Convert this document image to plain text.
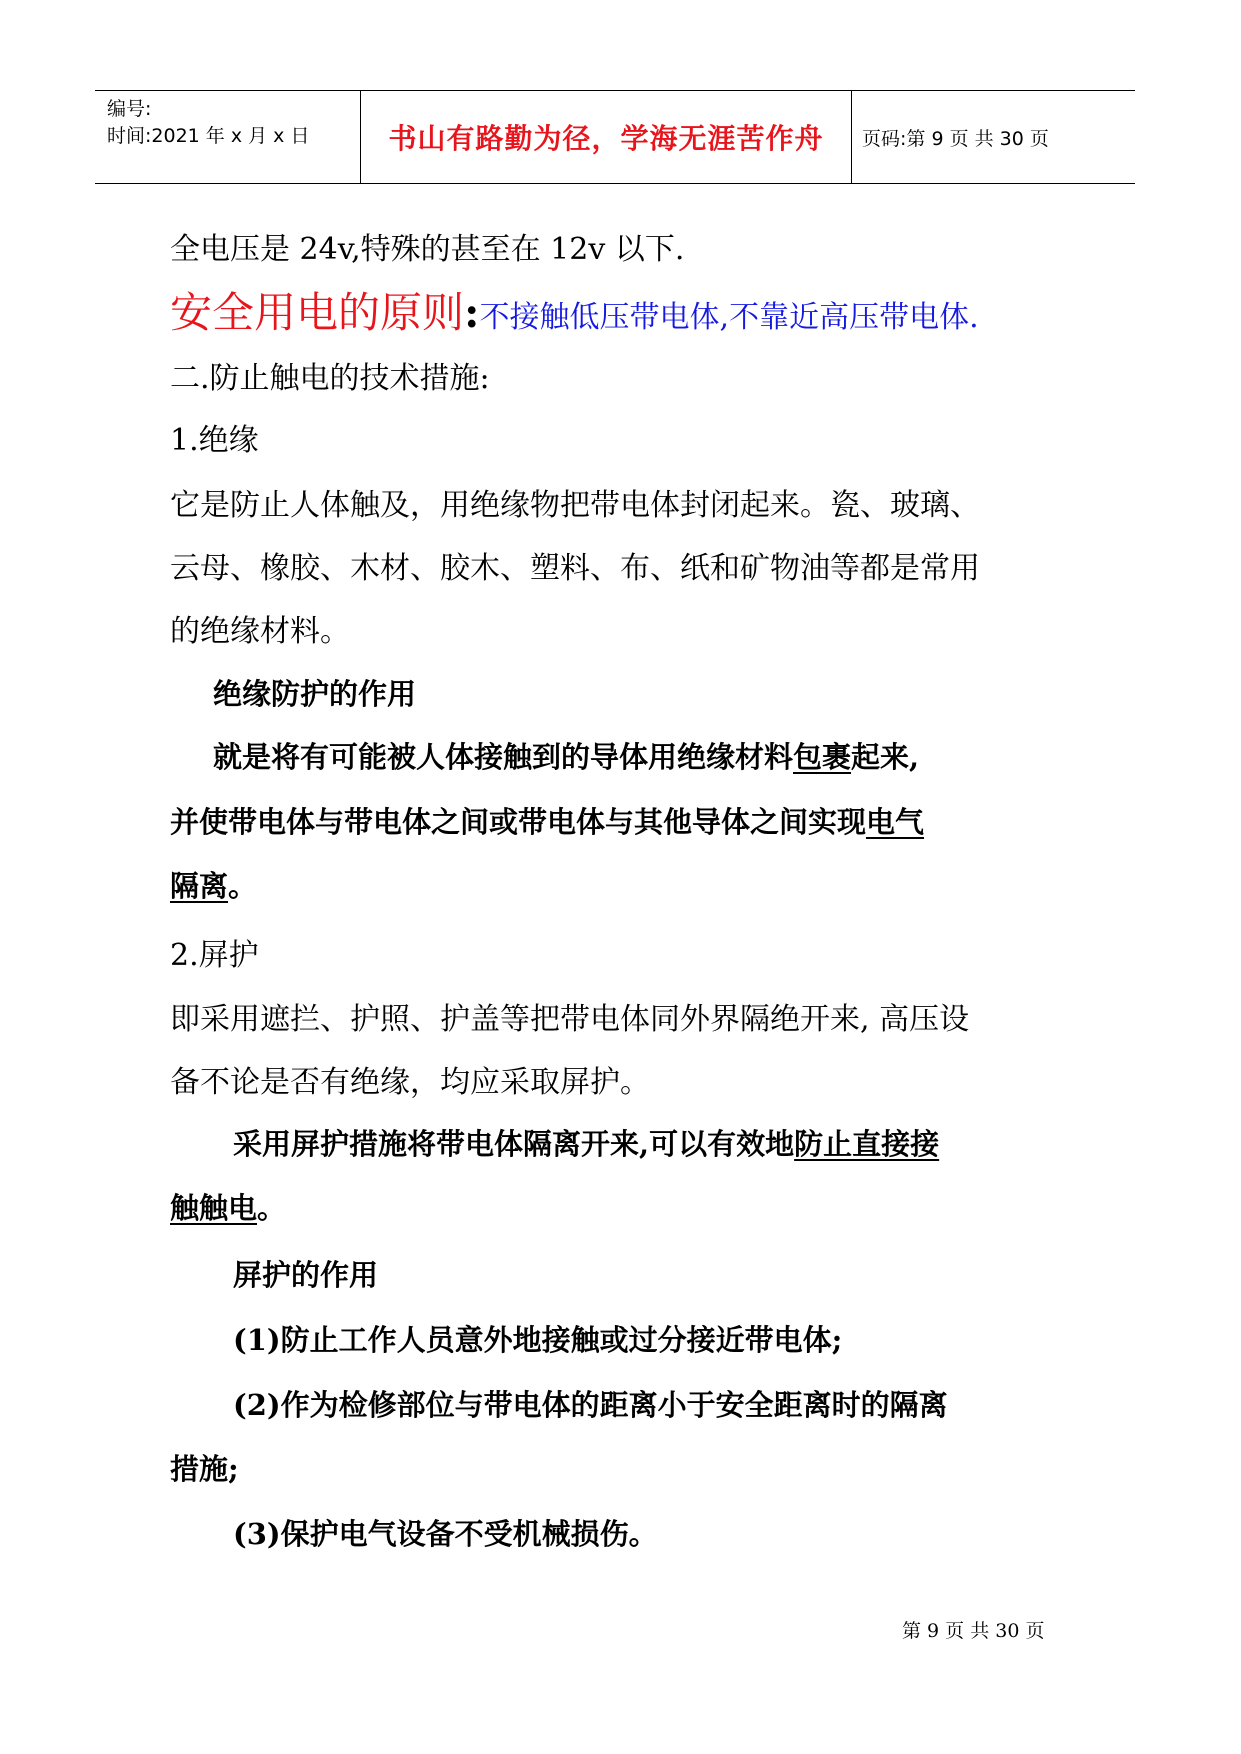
编号:
时间:2021 年 x 月 x 日	书山有路勤为径，学海无涯苦作舟 页码:第 9 页 共 30 页
全电压是 24v,特殊的甚至在 12v 以下.
安全用电的原则:不接触低压带电体,不靠近高压带电体.
二.防止触电的技术措施:
1.绝缘
它是防止人体触及，用绝缘物把带电体封闭起来。瓷、玻璃、
云母、橡胶、木材、胶木、塑料、布、纸和矿物油等都是常用
的绝缘材料。
绝缘防护的作用
就是将有可能被人体接触到的导体用绝缘材料包裹起来,
并使带电体与带电体之间或带电体与其他导体之间实现电气
隔离。
2.屏护
即采用遮拦、护照、护盖等把带电体同外界隔绝开来, 高压设
备不论是否有绝缘，均应采取屏护。
采用屏护措施将带电体隔离开来,可以有效地防止直接接
触触电。
屏护的作用
(1)防止工作人员意外地接触或过分接近带电体;
(2)作为检修部位与带电体的距离小于安全距离时的隔离
措施;
(3)保护电气设备不受机械损伤。
第 9 页 共 30 页
